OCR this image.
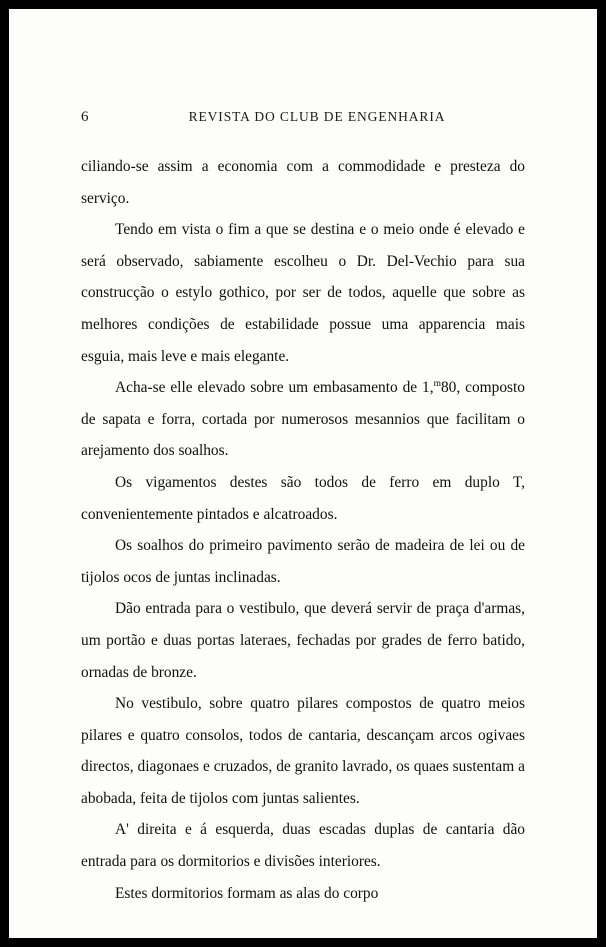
6	REVISTA DO CLUB DE ENGENHARIA

ciliando-se assim a economia com a commodidade e presteza do serviço.

Tendo em vista o fim a que se destina e o meio onde é elevado e será observado, sabiamente escolheu o Dr. Del-Vechio para sua construcção o estylo gothico, por ser de todos, aquelle que sobre as melhores condições de estabilidade possue uma apparencia mais esguia, mais leve e mais elegante.

Acha-se elle elevado sobre um embasamento de 1,$^m$80, composto de sapata e forra, cortada por numerosos mesannios que facilitam o arejamento dos soalhos.

Os vigamentos destes são todos de ferro em duplo T, convenientemente pintados e alcatroados.

Os soalhos do primeiro pavimento serão de madeira de lei ou de tijolos ocos de juntas inclinadas.

Dão entrada para o vestibulo, que deverá servir de praça d'armas, um portão e duas portas lateraes, fechadas por grades de ferro batido, ornadas de bronze.

No vestibulo, sobre quatro pilares compostos de quatro meios pilares e quatro consolos, todos de cantaria, descançam arcos ogivaes directos, diagonaes e cruzados, de granito lavrado, os quaes sustentam a abobada, feita de tijolos com juntas salientes.

A' direita e á esquerda, duas escadas duplas de cantaria dão entrada para os dormitorios e divisões interiores.

Estes dormitorios formam as alas do corpo
